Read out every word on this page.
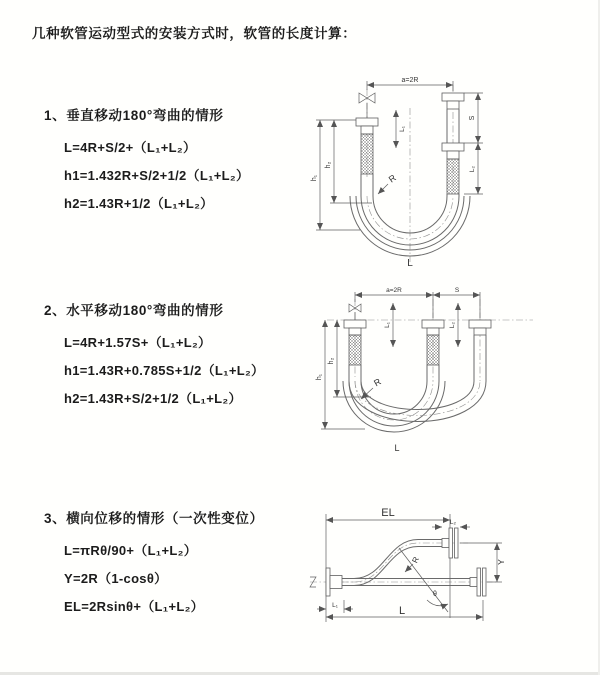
几种软管运动型式的安装方式时，软管的长度计算：
1、垂直移动180°弯曲的情形
L=4R+S/2+（L₁+L₂）
h1=1.432R+S/2+1/2（L₁+L₂）
h2=1.43R+1/2（L₁+L₂）
2、水平移动180°弯曲的情形
L=4R+1.57S+（L₁+L₂）
h1=1.43R+0.785S+1/2（L₁+L₂）
h2=1.43R+S/2+1/2（L₁+L₂）
3、横向位移的情形（一次性变位）
L=πRθ/90+（L₁+L₂）
Y=2R（1-cosθ）
EL=2Rsinθ+（L₁+L₂）
a=2R
h₁
h₂
L₁
S
L₂
R
L
a=2R	S
h₁
h₂
L₁	L₂
R
L
EL
L₂
Y
L
L₁
R
θ
